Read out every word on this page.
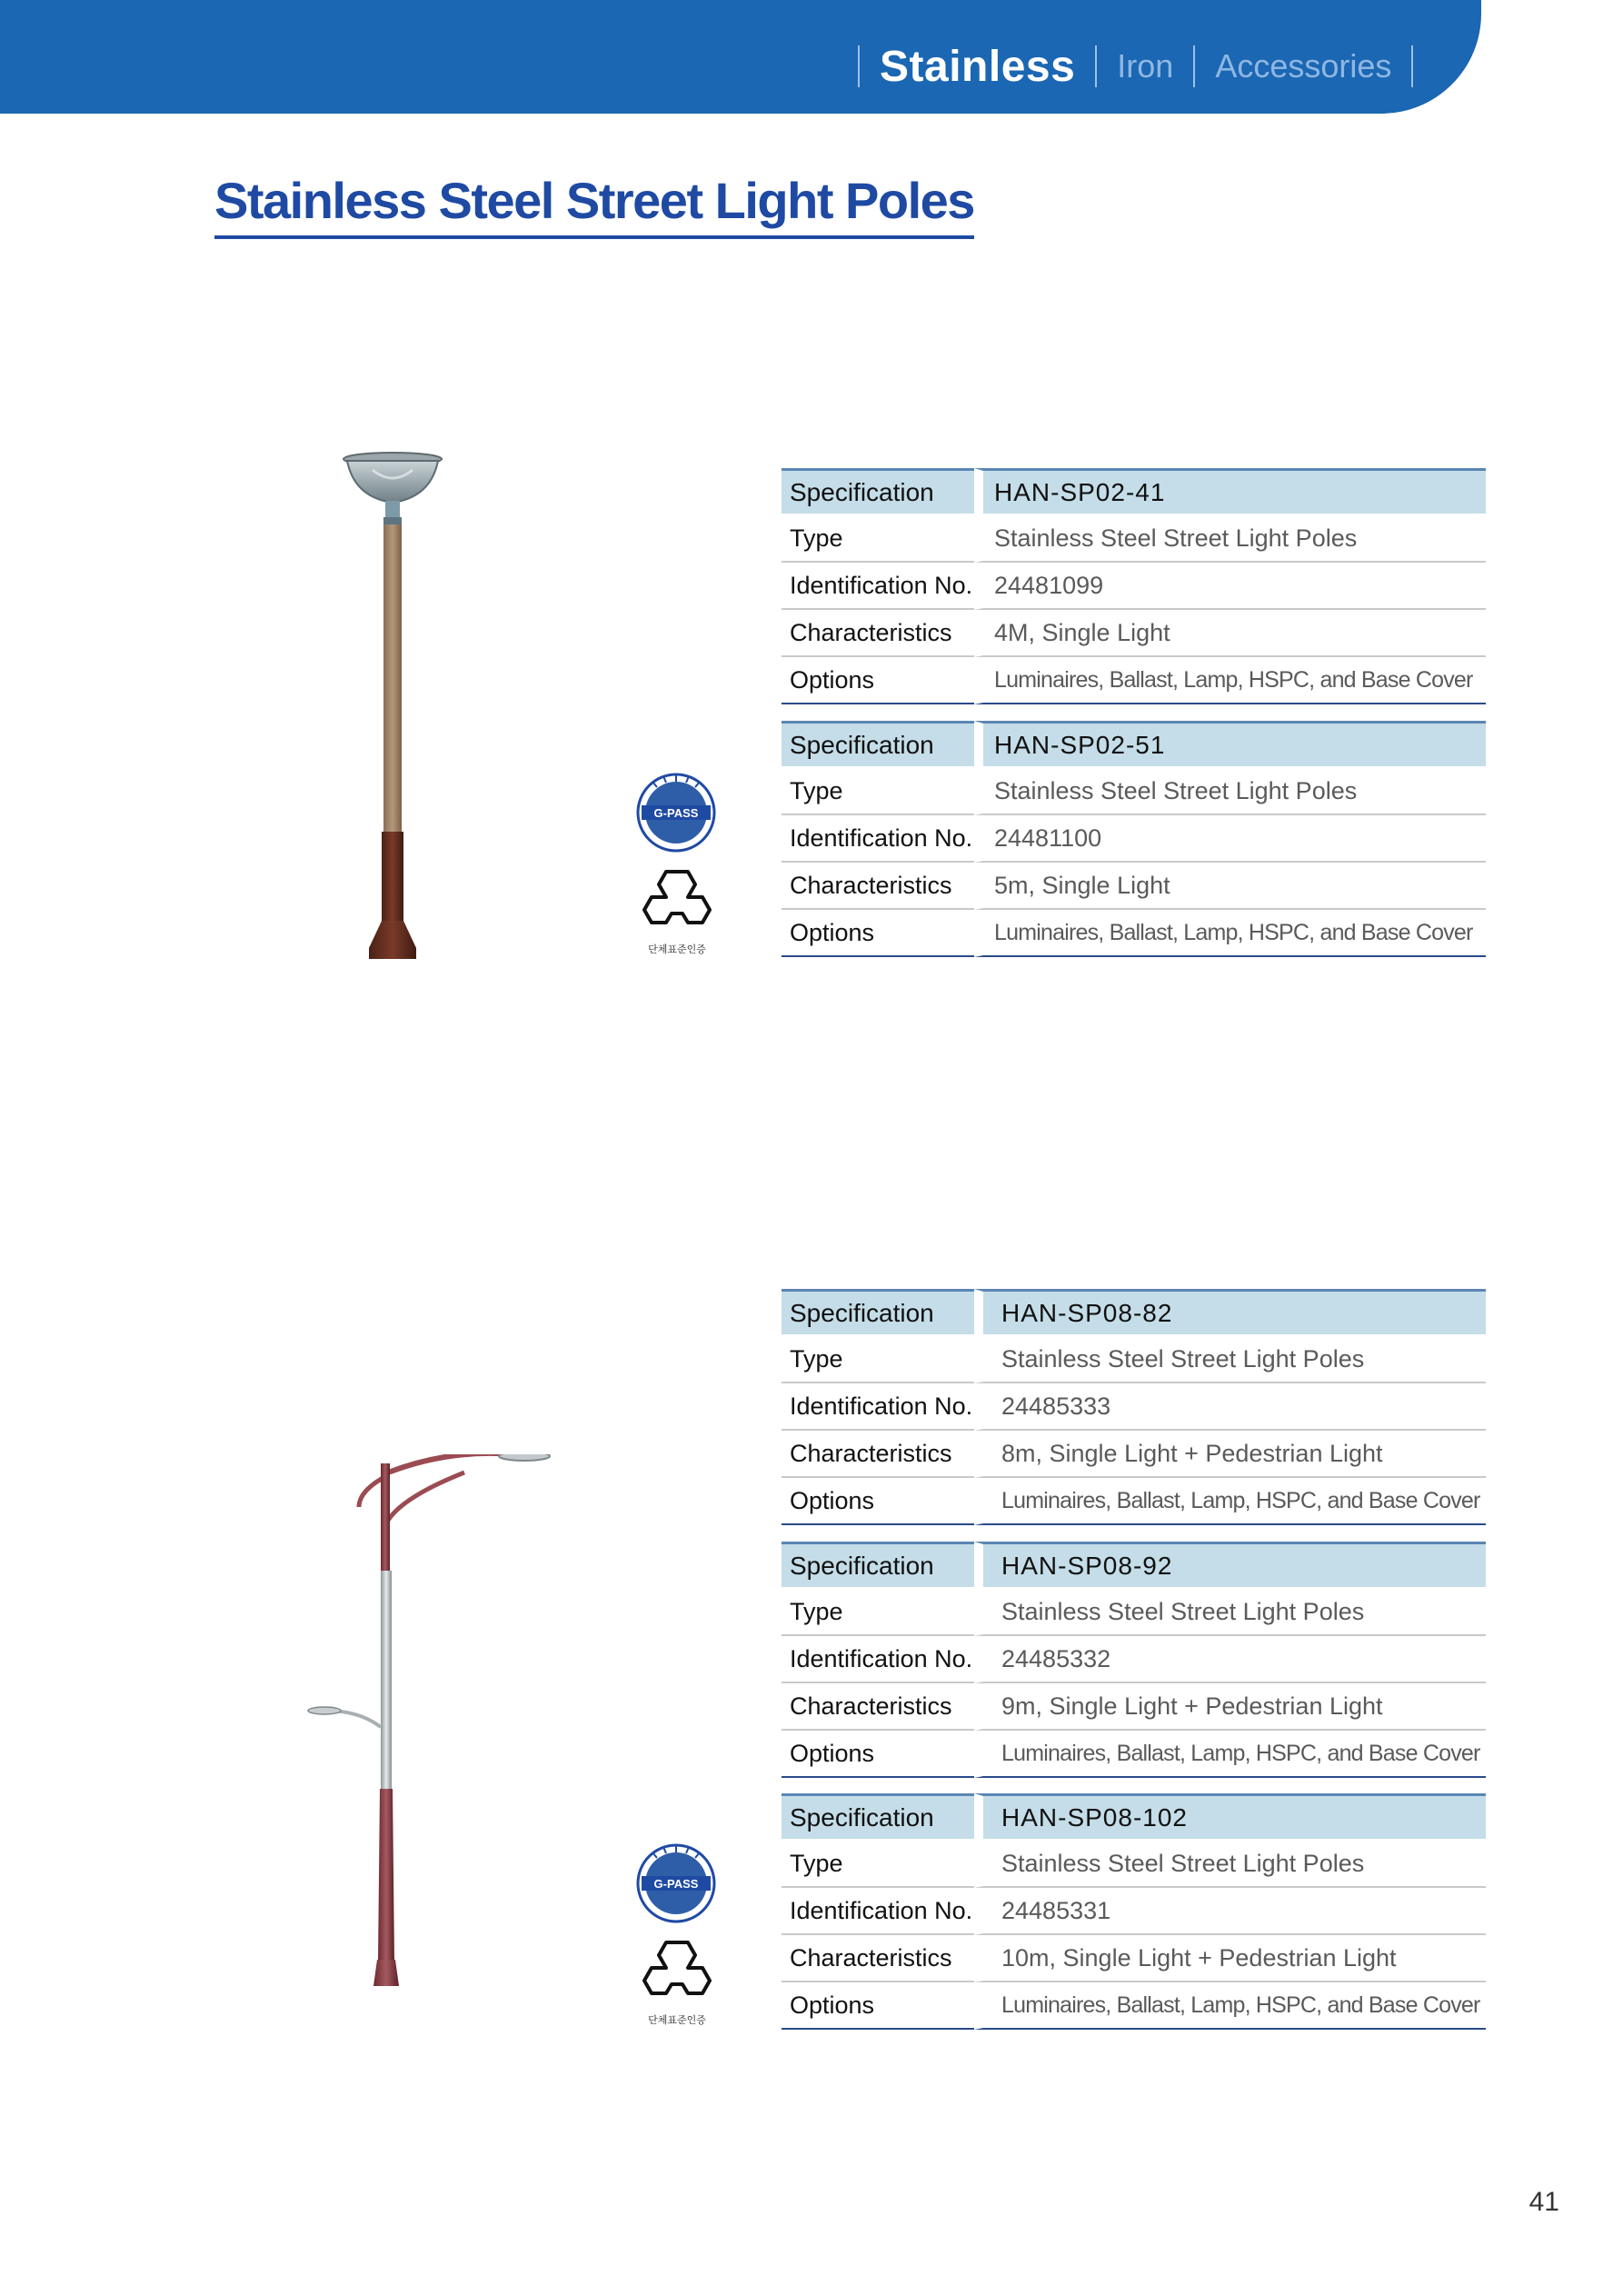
Stainless Iron Accessories
Stainless Steel Street Light Poles
G-PASS
단체표준인증
G-PASS
단체표준인증
Specification	HAN-SP02-41
Type	Stainless Steel Street Light Poles
Identification No.	24481099
Characteristics	4M, Single Light
Options	Luminaires, Ballast, Lamp, HSPC, and Base Cover
Specification	HAN-SP02-51
Type	Stainless Steel Street Light Poles
Identification No.	24481100
Characteristics	5m, Single Light
Options	Luminaires, Ballast, Lamp, HSPC, and Base Cover
Specification	HAN-SP08-82
Type	Stainless Steel Street Light Poles
Identification No.	24485333
Characteristics	8m, Single Light + Pedestrian Light
Options	Luminaires, Ballast, Lamp, HSPC, and Base Cover
Specification	HAN-SP08-92
Type	Stainless Steel Street Light Poles
Identification No.	24485332
Characteristics	9m, Single Light + Pedestrian Light
Options	Luminaires, Ballast, Lamp, HSPC, and Base Cover
Specification	HAN-SP08-102
Type	Stainless Steel Street Light Poles
Identification No.	24485331
Characteristics	10m, Single Light + Pedestrian Light
Options	Luminaires, Ballast, Lamp, HSPC, and Base Cover
41
